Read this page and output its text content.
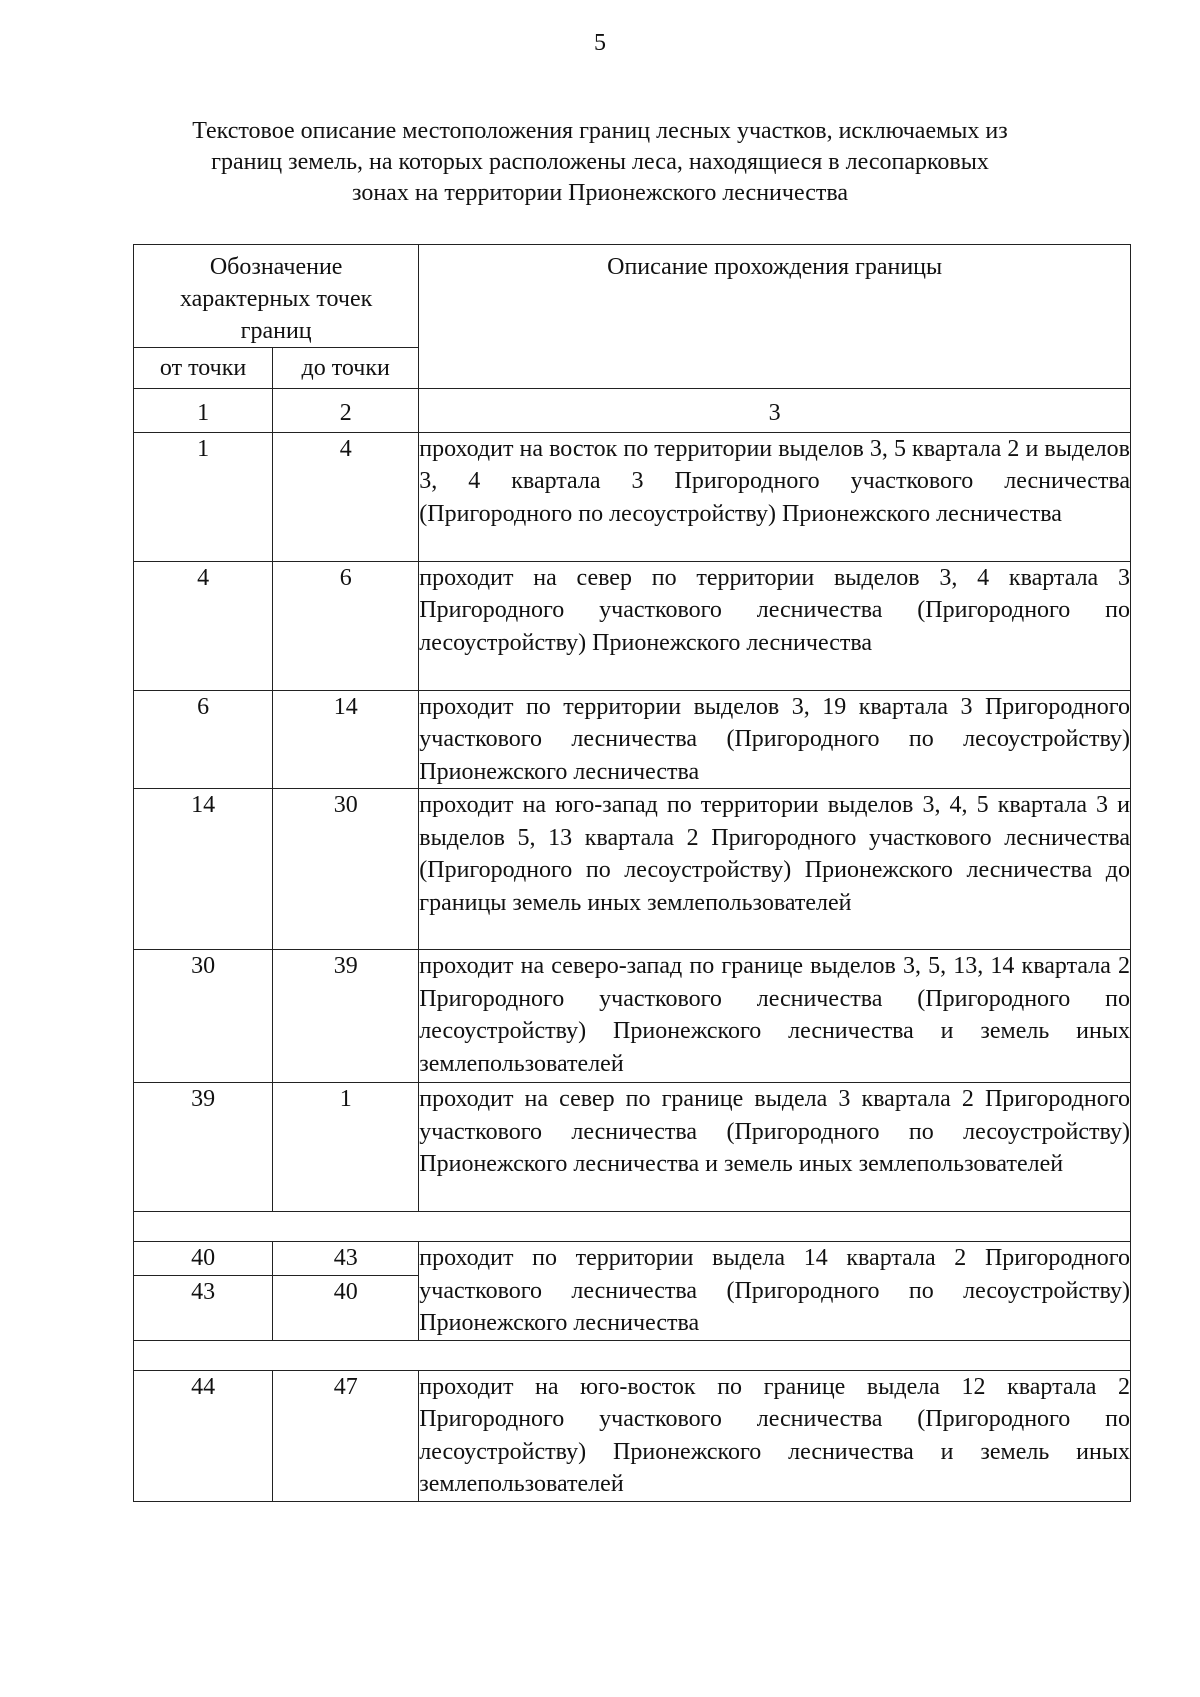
5
Текстовое описание местоположения границ лесных участков, исключаемых из
границ земель, на которых расположены леса, находящиеся в лесопарковых
зонах на территории Прионежского лесничества
Обозначение характерных точек границ		Описание прохождения границы
от точки	до точки	
1	2	3
1	4	проходит на восток по территории выделов 3, 5 квартала 2 и выделов 3, 4 квартала 3 Пригородного участкового лесничества (Пригородного по лесоустройству) Прионежского лесничества
4	6	проходит на север по территории выделов 3, 4 квартала 3 Пригородного участкового лесничества (Пригородного по лесоустройству) Прионежского лесничества
6	14	проходит по территории выделов 3, 19 квартала 3 Пригородного участкового лесничества (Пригородного по лесоустройству) Прионежского лесничества
14	30	проходит на юго-запад по территории выделов 3, 4, 5 квартала 3 и выделов 5, 13 квартала 2 Пригородного участкового лесничества (Пригородного по лесоустройству) Прионежского лесничества до границы земель иных землепользователей
30	39	проходит на северо-запад по границе выделов 3, 5, 13, 14 квартала 2 Пригородного участкового лесничества (Пригородного по лесоустройству) Прионежского лесничества и земель иных землепользователей
39	1	проходит на север по границе выдела 3 квартала 2 Пригородного участкового лесничества (Пригородного по лесоустройству) Прионежского лесничества и земель иных землепользователей

40	43	проходит по территории выдела 14 квартала 2 Пригородного участкового лесничества (Пригородного по лесоустройству) Прионежского лесничества
43	40	

44	47	проходит на юго-восток по границе выдела 12 квартала 2 Пригородного участкового лесничества (Пригородного по лесоустройству) Прионежского лесничества и земель иных землепользователей
